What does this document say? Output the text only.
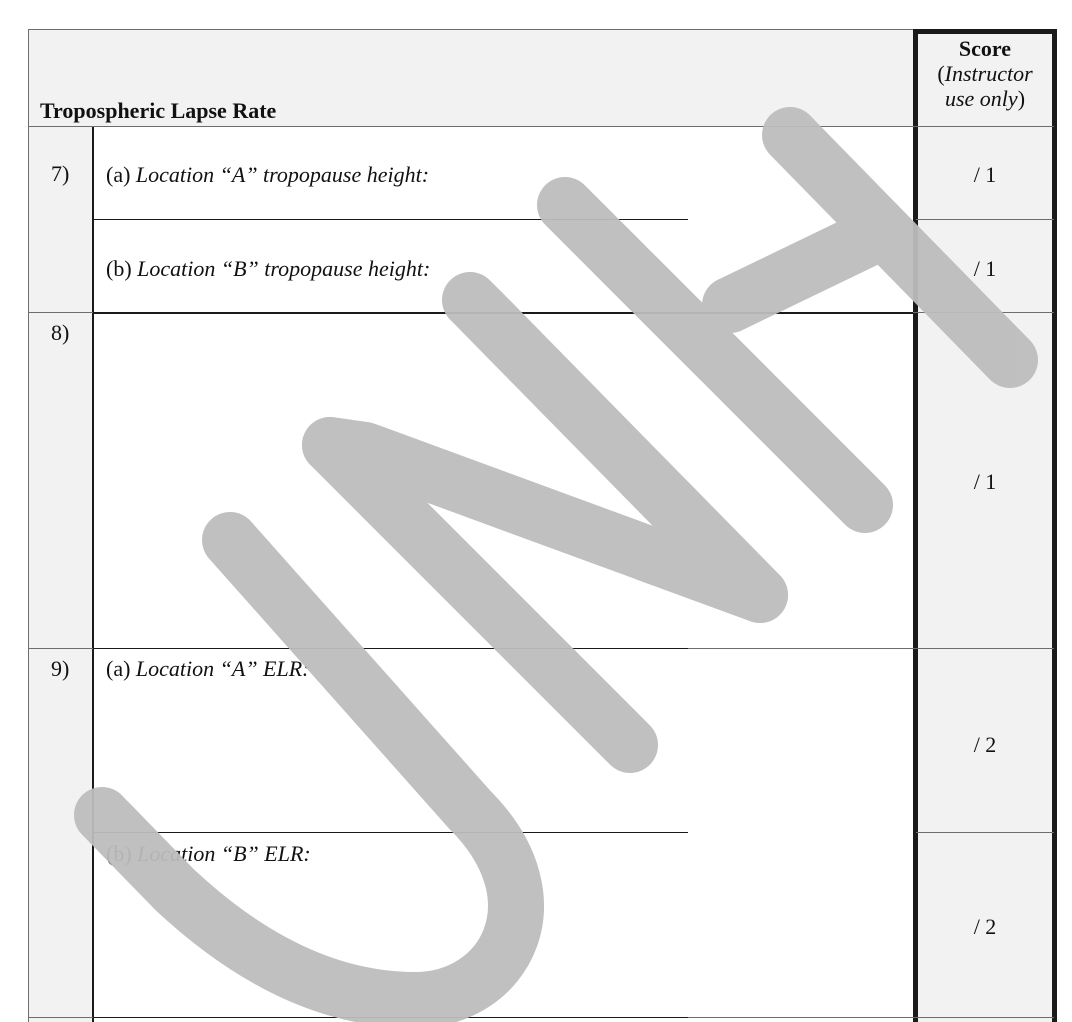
Tropospheric Lapse Rate
Score
(Instructor
use only)
7) (a) Location “A” tropopause height:	/ 1
(b) Location “B” tropopause height:	/ 1
8)
/ 1
9) (a) Location “A” ELR:
/ 2
(b) Location “B” ELR:
/ 2
